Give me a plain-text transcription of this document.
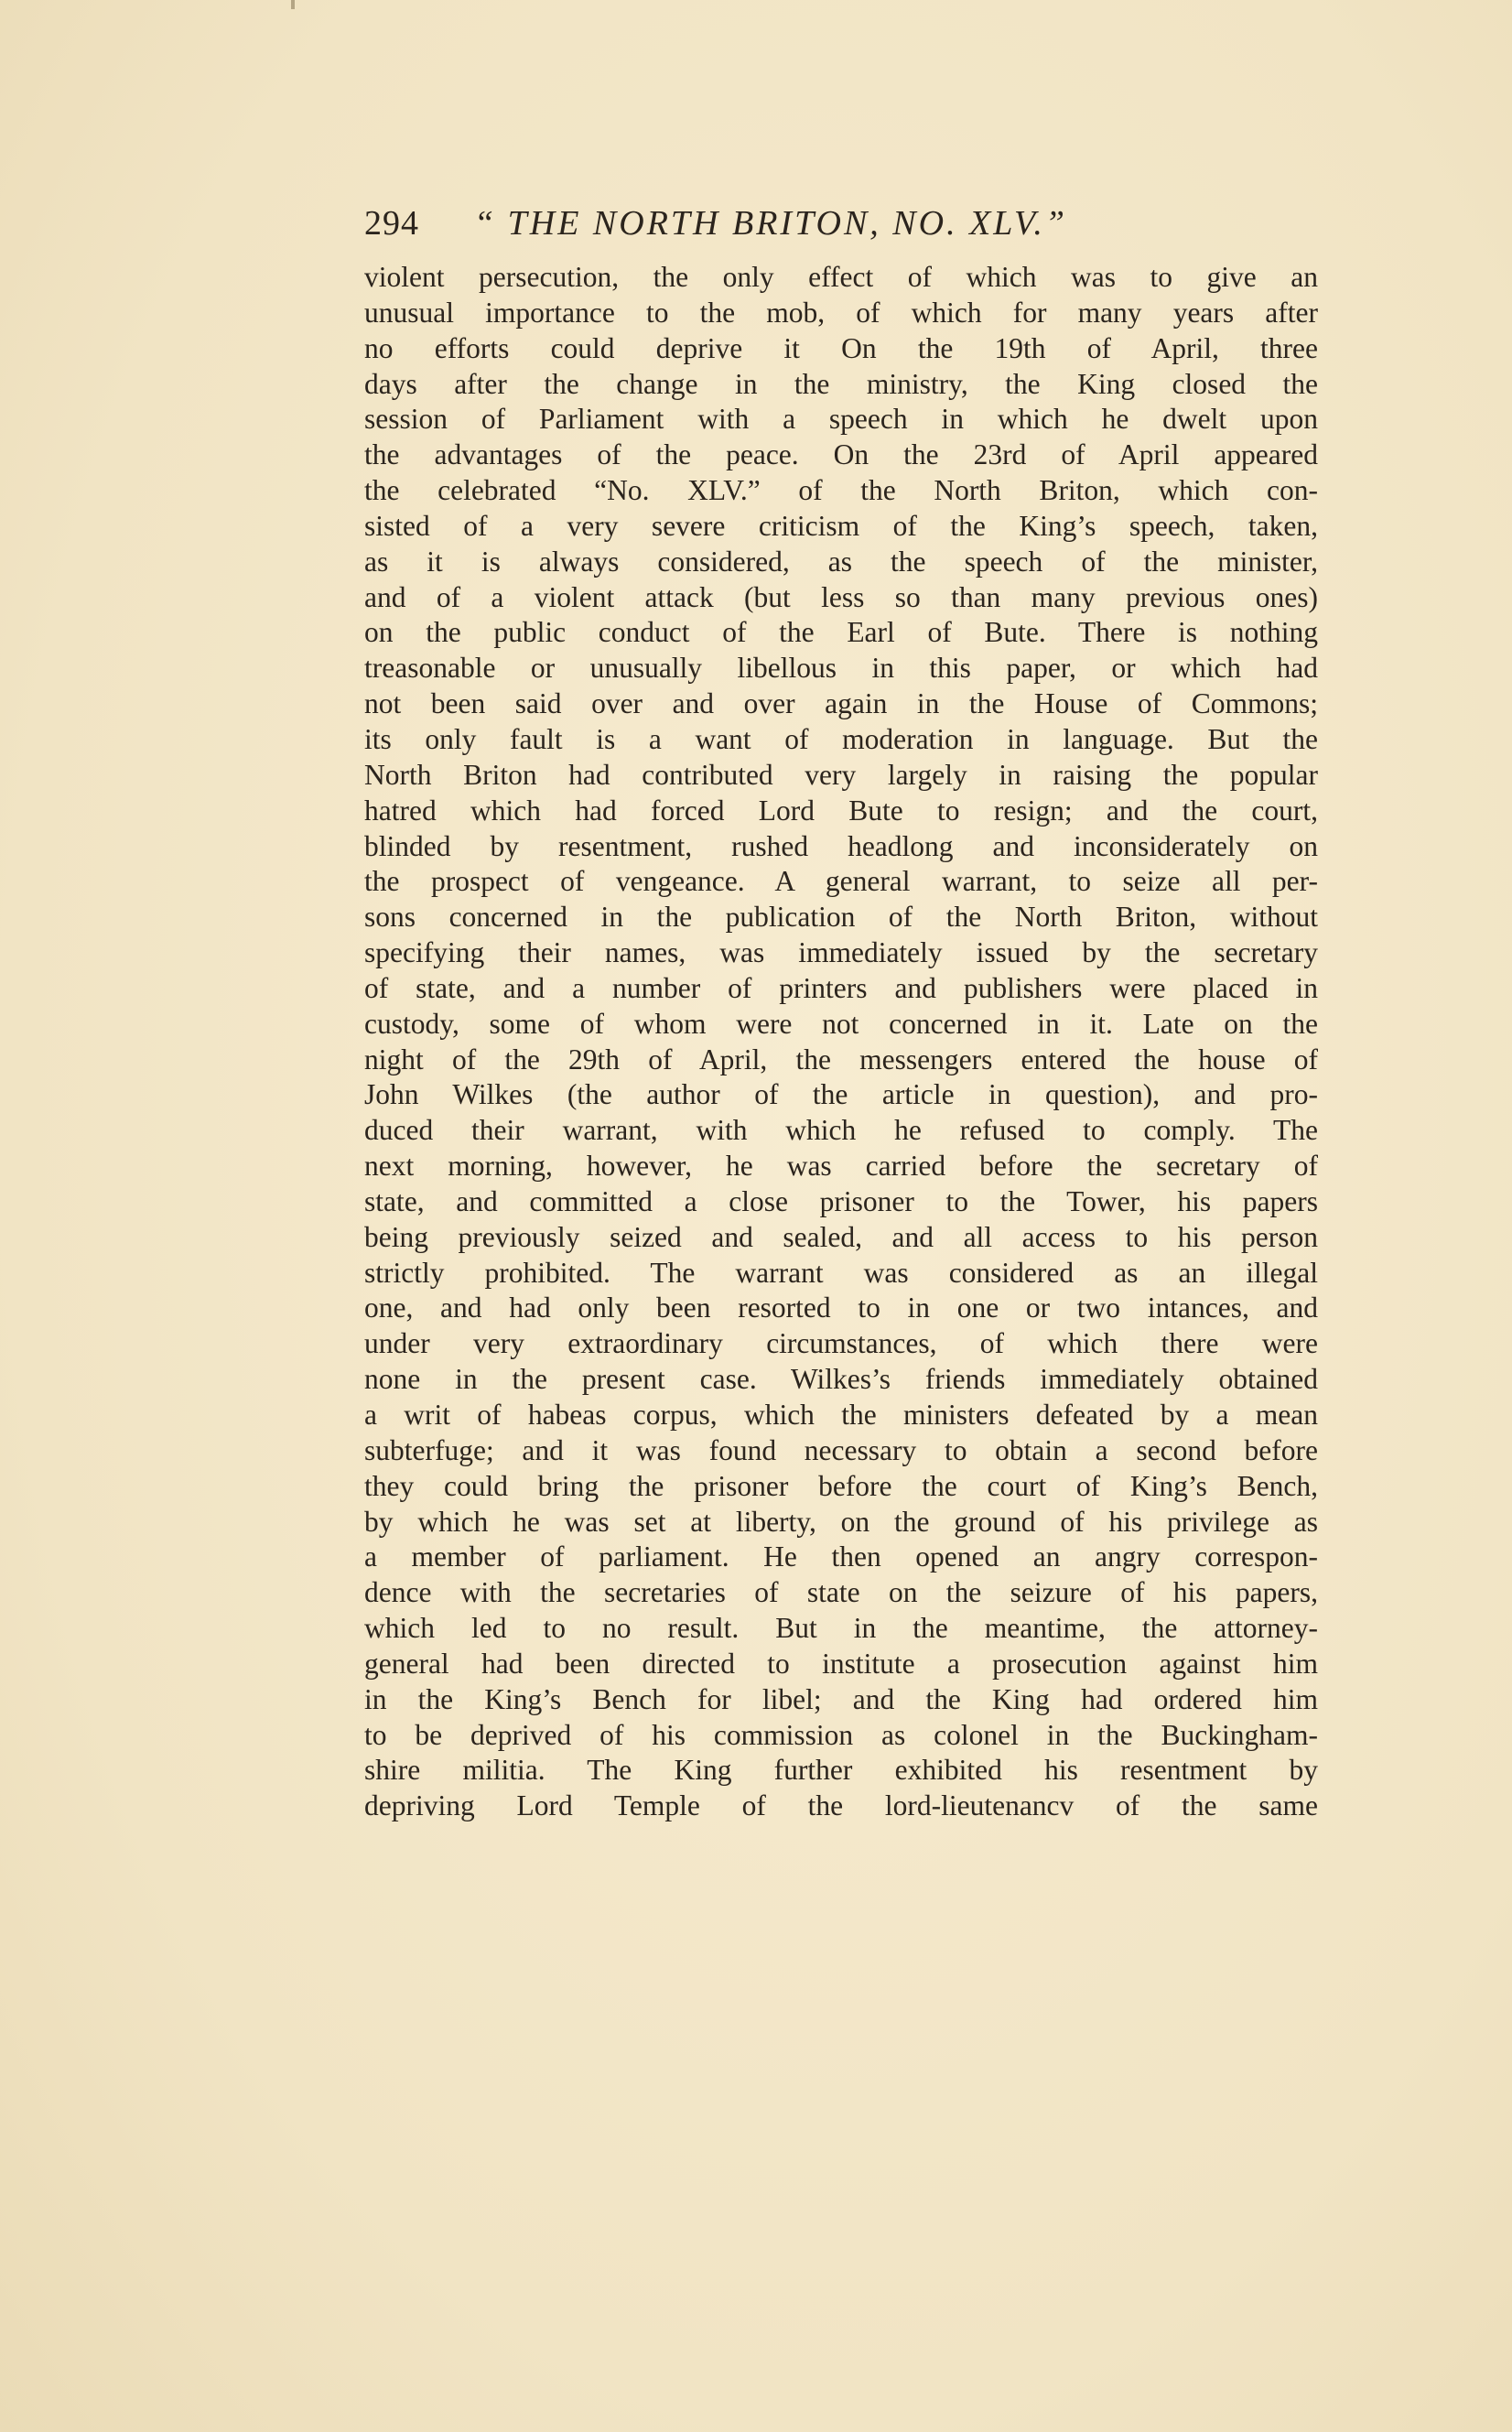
294 “ THE NORTH BRITON, NO. XLV.”
violent persecution, the only effect of which was to give an
unusual importance to the mob, of which for many years after
no efforts could deprive it On the 19th of April, three
days after the change in the ministry, the King closed the
session of Parliament with a speech in which he dwelt upon
the advantages of the peace. On the 23rd of April appeared
the celebrated “No. XLV.” of the North Briton, which con-
sisted of a very severe criticism of the King’s speech, taken,
as it is always considered, as the speech of the minister,
and of a violent attack (but less so than many previous ones)
on the public conduct of the Earl of Bute. There is nothing
treasonable or unusually libellous in this paper, or which had
not been said over and over again in the House of Commons;
its only fault is a want of moderation in language. But the
North Briton had contributed very largely in raising the popular
hatred which had forced Lord Bute to resign; and the court,
blinded by resentment, rushed headlong and inconsiderately on
the prospect of vengeance. A general warrant, to seize all per-
sons concerned in the publication of the North Briton, without
specifying their names, was immediately issued by the secretary
of state, and a number of printers and publishers were placed in
custody, some of whom were not concerned in it. Late on the
night of the 29th of April, the messengers entered the house of
John Wilkes (the author of the article in question), and pro-
duced their warrant, with which he refused to comply. The
next morning, however, he was carried before the secretary of
state, and committed a close prisoner to the Tower, his papers
being previously seized and sealed, and all access to his person
strictly prohibited. The warrant was considered as an illegal
one, and had only been resorted to in one or two intances, and
under very extraordinary circumstances, of which there were
none in the present case. Wilkes’s friends immediately obtained
a writ of habeas corpus, which the ministers defeated by a mean
subterfuge; and it was found necessary to obtain a second before
they could bring the prisoner before the court of King’s Bench,
by which he was set at liberty, on the ground of his privilege as
a member of parliament. He then opened an angry correspon-
dence with the secretaries of state on the seizure of his papers,
which led to no result. But in the meantime, the attorney-
general had been directed to institute a prosecution against him
in the King’s Bench for libel; and the King had ordered him
to be deprived of his commission as colonel in the Buckingham-
shire militia. The King further exhibited his resentment by
depriving Lord Temple of the lord-lieutenancv of the same
